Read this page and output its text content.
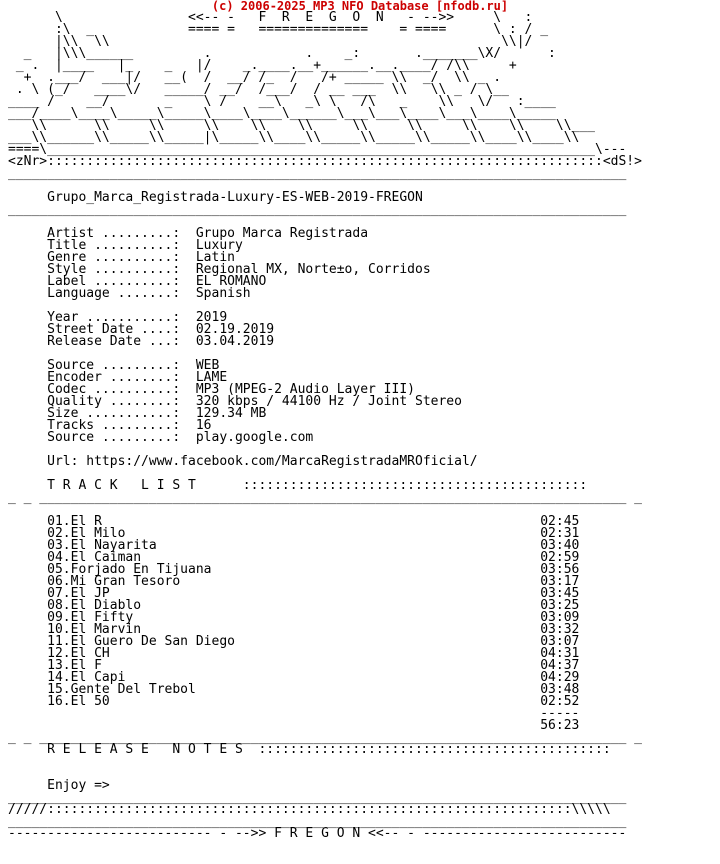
(c) 2006-2025 MP3 NFO Database [nfodb.ru]
\                <<-- -   F  R  E  G  O  N   - -->>     \   :
:\  _            ==== =   ==============    = ====      \ : / _
|\\  \\                                                  \\|/
_   |\\\______         .            .    _:       ._______\X/      :
_ .  |____   |_    _   |/    _.____.__+______.__.____/ /\\     +
+  .___/  ___|/   __(  /  __/ /_  /   /+ _____ \\  _/  \\ _ .
. \ (_/   ____\/   _____/ __/  /___/  / __ ___  \\   \\ _ / \__
____ /    __/       _    \ /    __\   _\ \   /\   _    \\   \/   :____
___/____\____\_____\_____\____\____\______\___\___\____\___\____\_____
\\      \\     \\     \\    \\    \\     \\     \\     \\    \\    \\___
___\\______\\_____\\_____|\_____\\____\\_____\\_____\\_____\\____\\____\\
====\______________________________________________________________________\---
<zNr>:::::::::::::::::::::::::::::::::::::::::::::::::::::::::::::::::::::::<dS!>
_______________________________________________________________________________

Grupo_Marca_Registrada-Luxury-ES-WEB-2019-FREGON
_______________________________________________________________________________

Artist .........:  Grupo Marca Registrada
Title ..........:  Luxury
Genre ..........:  Latin
Style ..........:  Regional MX, Norte±o, Corridos
Label ..........:  EL ROMANO
Language .......:  Spanish

Year ...........:  2019
Street Date ....:  02.19.2019
Release Date ...:  03.04.2019

Source .........:  WEB
Encoder ........:  LAME
Codec ..........:  MP3 (MPEG-2 Audio Layer III)
Quality ........:  320 kbps / 44100 Hz / Joint Stereo
Size ...........:  129.34 MB
Tracks .........:  16
Source .........:  play.google.com

Url: https://www.facebook.com/MarcaRegistradaMROficial/

T R A C K   L I S T      ::::::::::::::::::::::::::::::::::::::::::::
_ _ ___________________________________________________________________________ _

01.El R                                                        02:45
02.El Milo                                                     02:31
03.El Nayarita                                                 03:40
04.El Caiman                                                   02:59
05.Forjado En Tijuana                                          03:56
06.Mi Gran Tesoro                                              03:17
07.El JP                                                       03:45
08.El Diablo                                                   03:25
09.El Fifty                                                    03:09
10.El Marvin                                                   03:32
11.El Guero De San Diego                                       03:07
12.El CH                                                       04:31
13.El F                                                        04:37
14.El Capi                                                     04:29
15.Gente Del Trebol                                            03:48
16.El 50                                                       02:52
-----
56:23
_ _ ___________________________________________________________________________ _
R E L E A S E   N O T E S  :::::::::::::::::::::::::::::::::::::::::::::

Enjoy =>
_______________________________________________________________________________
/////:::::::::::::::::::::::::::::::::::::::::::::::::::::::::::::::::::\\\\\
_______________________________________________________________________________
-------------------------- - -->> F R E G O N <<-- - --------------------------
